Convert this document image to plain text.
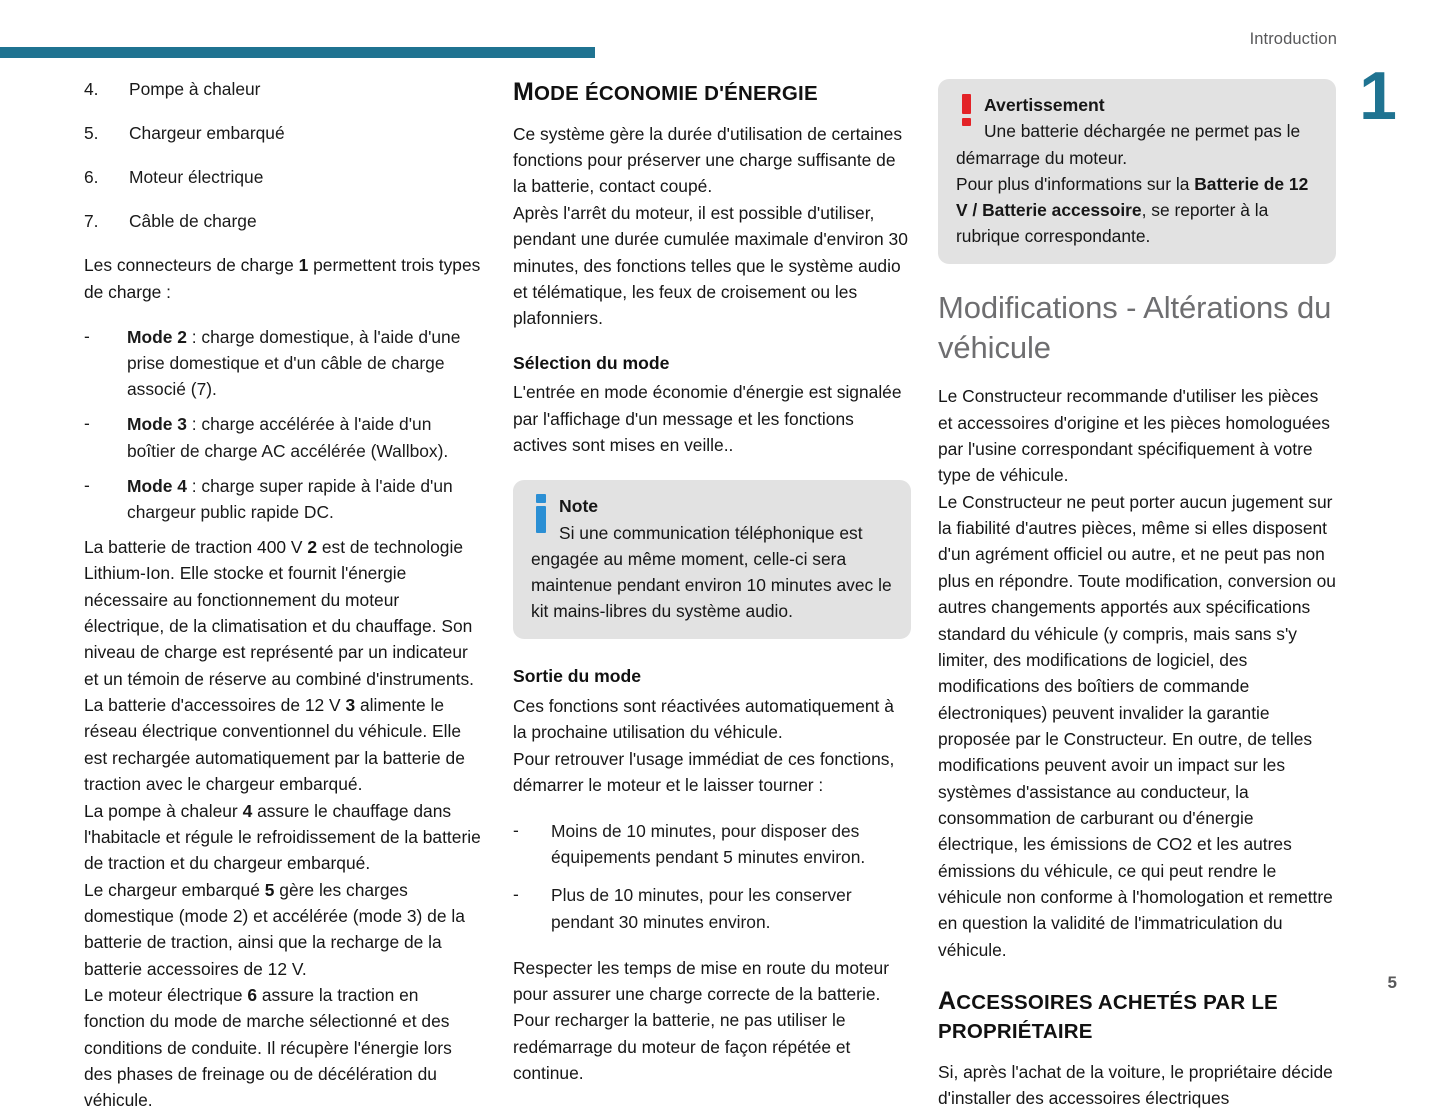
Introduction
1
5
4.	Pompe à chaleur
5.	Chargeur embarqué
6.	Moteur électrique
7.	Câble de charge

Les connecteurs de charge 1 permettent trois types de charge :

- Mode 2 : charge domestique, à l'aide d'une prise domestique et d'un câble de charge associé (7).
- Mode 3 : charge accélérée à l'aide d'un boîtier de charge AC accélérée (Wallbox).
- Mode 4 : charge super rapide à l'aide d'un chargeur public rapide DC.

La batterie de traction 400 V 2 est de technologie Lithium-Ion. Elle stocke et fournit l'énergie nécessaire au fonctionnement du moteur électrique, de la climatisation et du chauffage. Son niveau de charge est représenté par un indicateur et un témoin de réserve au combiné d'instruments.

La batterie d'accessoires de 12 V 3 alimente le réseau électrique conventionnel du véhicule. Elle est rechargée automatiquement par la batterie de traction avec le chargeur embarqué.

La pompe à chaleur 4 assure le chauffage dans l'habitacle et régule le refroidissement de la batterie de traction et du chargeur embarqué.

Le chargeur embarqué 5 gère les charges domestique (mode 2) et accélérée (mode 3) de la batterie de traction, ainsi que la recharge de la batterie accessoires de 12 V.

Le moteur électrique 6 assure la traction en fonction du mode de marche sélectionné et des conditions de conduite. Il récupère l'énergie lors des phases de freinage ou de décélération du véhicule.

MODE ÉCONOMIE D'ÉNERGIE

Ce système gère la durée d'utilisation de certaines fonctions pour préserver une charge suffisante de la batterie, contact coupé.

Après l'arrêt du moteur, il est possible d'utiliser, pendant une durée cumulée maximale d'environ 30 minutes, des fonctions telles que le système audio et télématique, les feux de croisement ou les plafonniers.

Sélection du mode

L'entrée en mode économie d'énergie est signalée par l'affichage d'un message et les fonctions actives sont mises en veille..

Note
Si une communication téléphonique est engagée au même moment, celle-ci sera maintenue pendant environ 10 minutes avec le kit mains-libres du système audio.
Sortie du mode

Ces fonctions sont réactivées automatiquement à la prochaine utilisation du véhicule.

Pour retrouver l'usage immédiat de ces fonctions, démarrer le moteur et le laisser tourner :

- Moins de 10 minutes, pour disposer des équipements pendant 5 minutes environ.
- Plus de 10 minutes, pour les conserver pendant 30 minutes environ.

Respecter les temps de mise en route du moteur pour assurer une charge correcte de la batterie.

Pour recharger la batterie, ne pas utiliser le redémarrage du moteur de façon répétée et continue.

Avertissement
Une batterie déchargée ne permet pas le démarrage du moteur.
Pour plus d'informations sur la Batterie de 12 V / Batterie accessoire, se reporter à la rubrique correspondante.
Modifications - Altérations du véhicule

Le Constructeur recommande d'utiliser les pièces et accessoires d'origine et les pièces homologuées par l'usine correspondant spécifiquement à votre type de véhicule.

Le Constructeur ne peut porter aucun jugement sur la fiabilité d'autres pièces, même si elles disposent d'un agrément officiel ou autre, et ne peut pas non plus en répondre. Toute modification, conversion ou autres changements apportés aux spécifications standard du véhicule (y compris, mais sans s'y limiter, des modifications de logiciel, des modifications des boîtiers de commande électroniques) peuvent invalider la garantie proposée par le Constructeur. En outre, de telles modifications peuvent avoir un impact sur les systèmes d'assistance au conducteur, la consommation de carburant ou d'énergie électrique, les émissions de CO2 et les autres émissions du véhicule, ce qui peut rendre le véhicule non conforme à l'homologation et remettre en question la validité de l'immatriculation du véhicule.

ACCESSOIRES ACHETÉS PAR LE PROPRIÉTAIRE

Si, après l'achat de la voiture, le propriétaire décide d'installer des accessoires électriques
